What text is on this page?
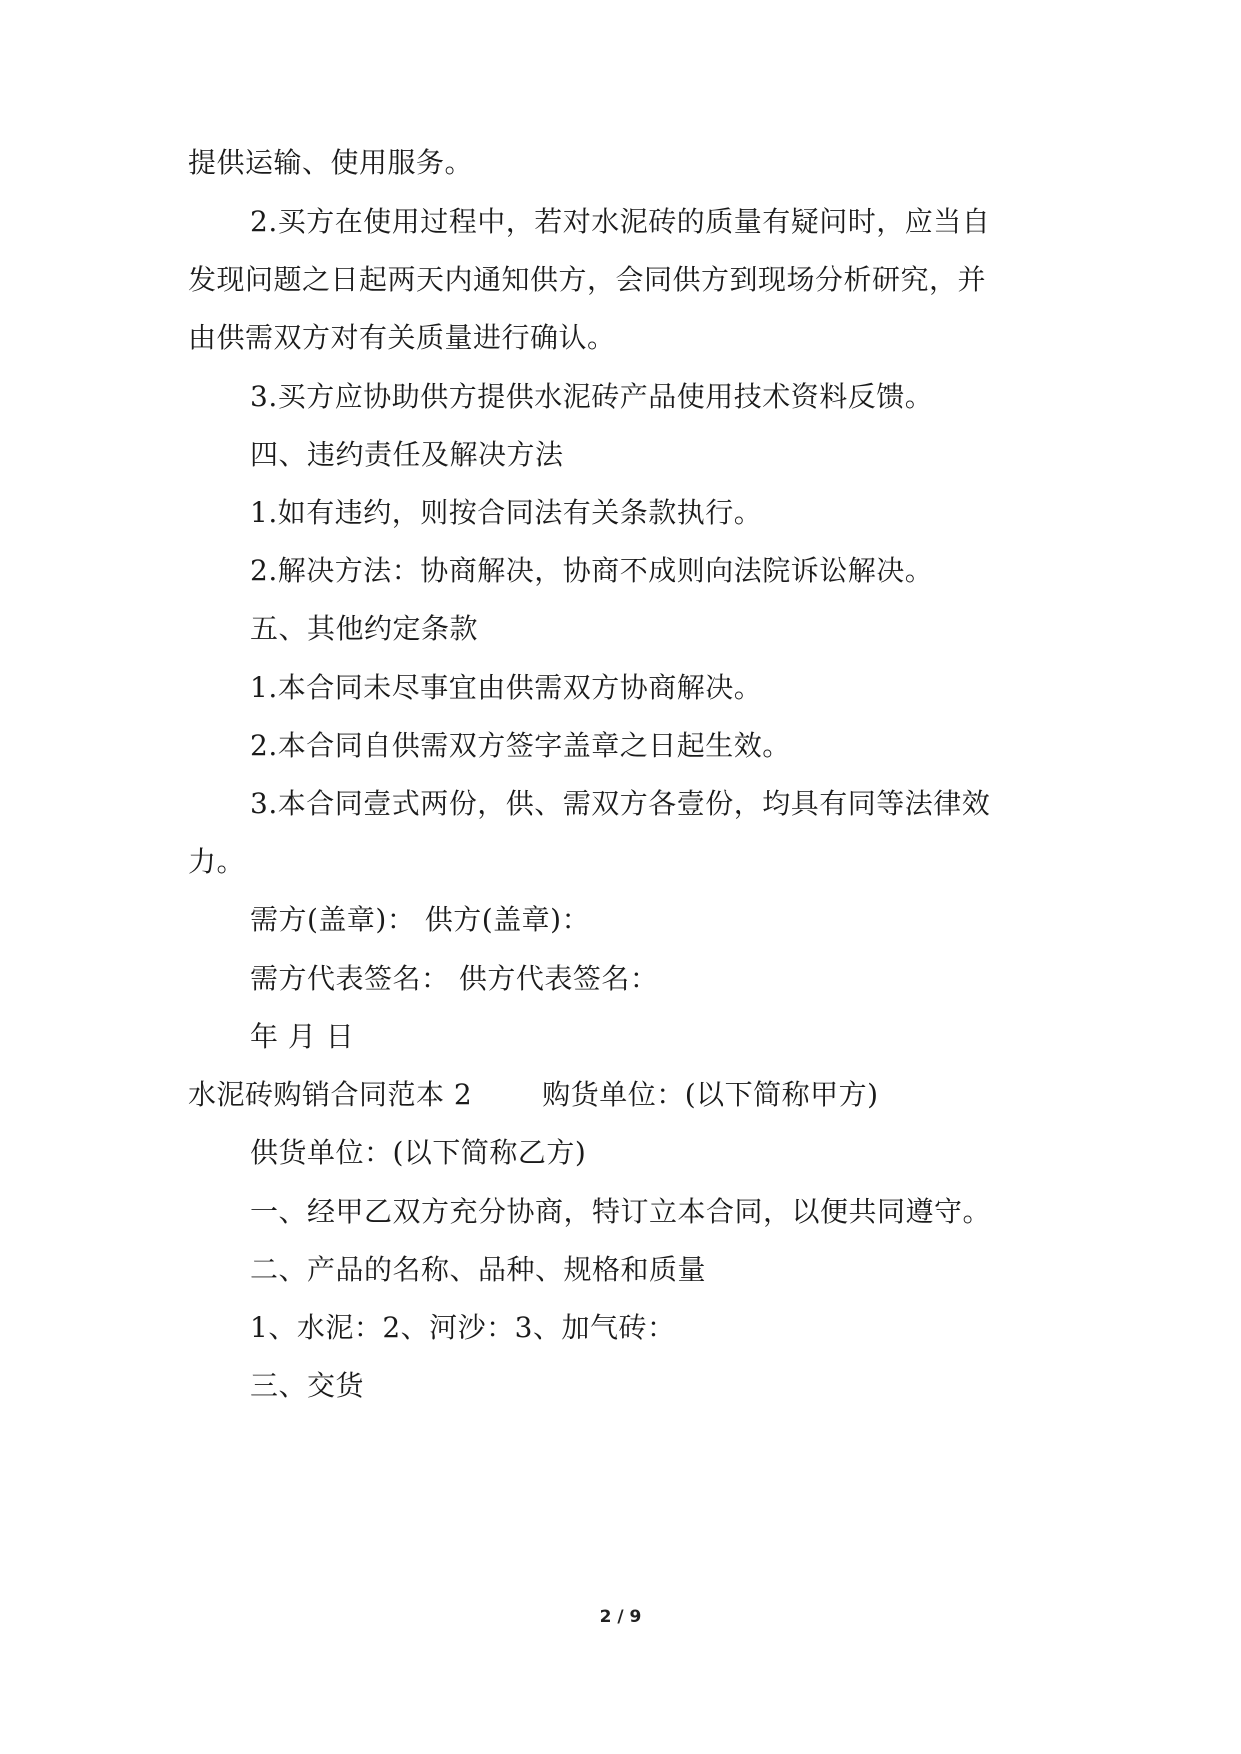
提供运输、使用服务。
2.买方在使用过程中，若对水泥砖的质量有疑问时，应当自
发现问题之日起两天内通知供方，会同供方到现场分析研究，并
由供需双方对有关质量进行确认。
3.买方应协助供方提供水泥砖产品使用技术资料反馈。
四、违约责任及解决方法
1.如有违约，则按合同法有关条款执行。
2.解决方法：协商解决，协商不成则向法院诉讼解决。
五、其他约定条款
1.本合同未尽事宜由供需双方协商解决。
2.本合同自供需双方签字盖章之日起生效。
3.本合同壹式两份，供、需双方各壹份，均具有同等法律效
力。
需方(盖章)： 供方(盖章)：
需方代表签名： 供方代表签名：
年 月 日
水泥砖购销合同范本 2	购货单位：(以下简称甲方)
供货单位：(以下简称乙方)
一、经甲乙双方充分协商，特订立本合同，以便共同遵守。
二、产品的名称、品种、规格和质量
1、水泥：2、河沙：3、加气砖：
三、交货
2 / 9
